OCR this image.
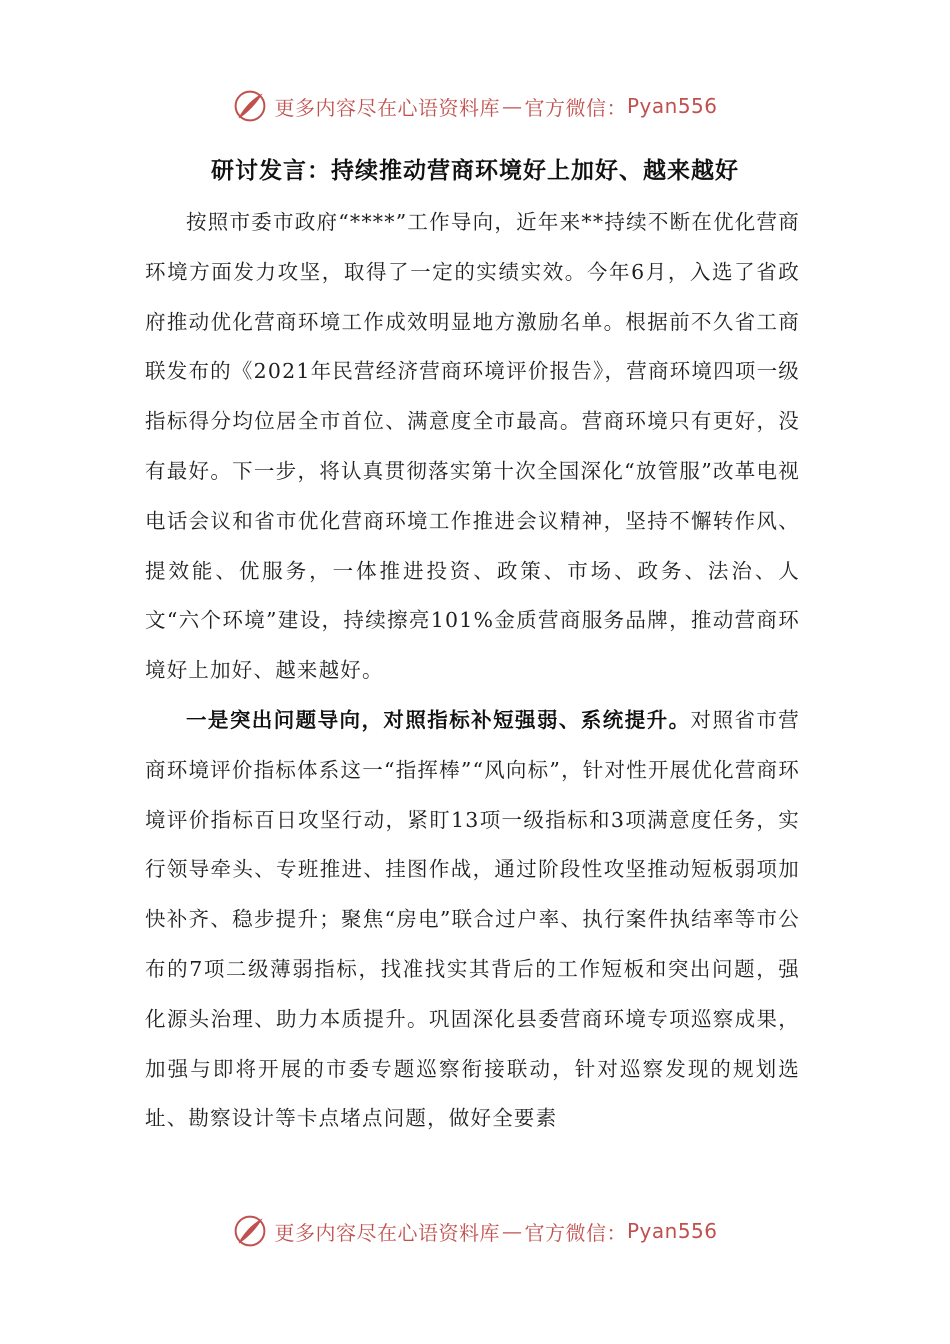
更多内容尽在心语资料库 — 官方微信： Pyan556
研讨发言：持续推动营商环境好上加好、越来越好

按照市委市政府“****”工作导向，近年来**持续不断在优化营商环境方面发力攻坚，取得了一定的实绩实效。今年6月，入选了省政府推动优化营商环境工作成效明显地方激励名单。根据前不久省工商联发布的《2021年民营经济营商环境评价报告》，营商环境四项一级指标得分均位居全市首位、满意度全市最高。营商环境只有更好，没有最好。下一步，将认真贯彻落实第十次全国深化“放管服”改革电视电话会议和省市优化营商环境工作推进会议精神，坚持不懈转作风、提效能、优服务，一体推进投资、政策、市场、政务、法治、人文“六个环境”建设，持续擦亮101%金质营商服务品牌，推动营商环境好上加好、越来越好。

一是突出问题导向，对照指标补短强弱、系统提升。对照省市营商环境评价指标体系这一“指挥棒”“风向标”，针对性开展优化营商环境评价指标百日攻坚行动，紧盯13项一级指标和3项满意度任务，实行领导牵头、专班推进、挂图作战，通过阶段性攻坚推动短板弱项加快补齐、稳步提升；聚焦“房电”联合过户率、执行案件执结率等市公布的7项二级薄弱指标，找准找实其背后的工作短板和突出问题，强化源头治理、助力本质提升。巩固深化县委营商环境专项巡察成果，加强与即将开展的市委专题巡察衔接联动，针对巡察发现的规划选址、勘察设计等卡点堵点问题，做好全要素

更多内容尽在心语资料库 — 官方微信： Pyan556
